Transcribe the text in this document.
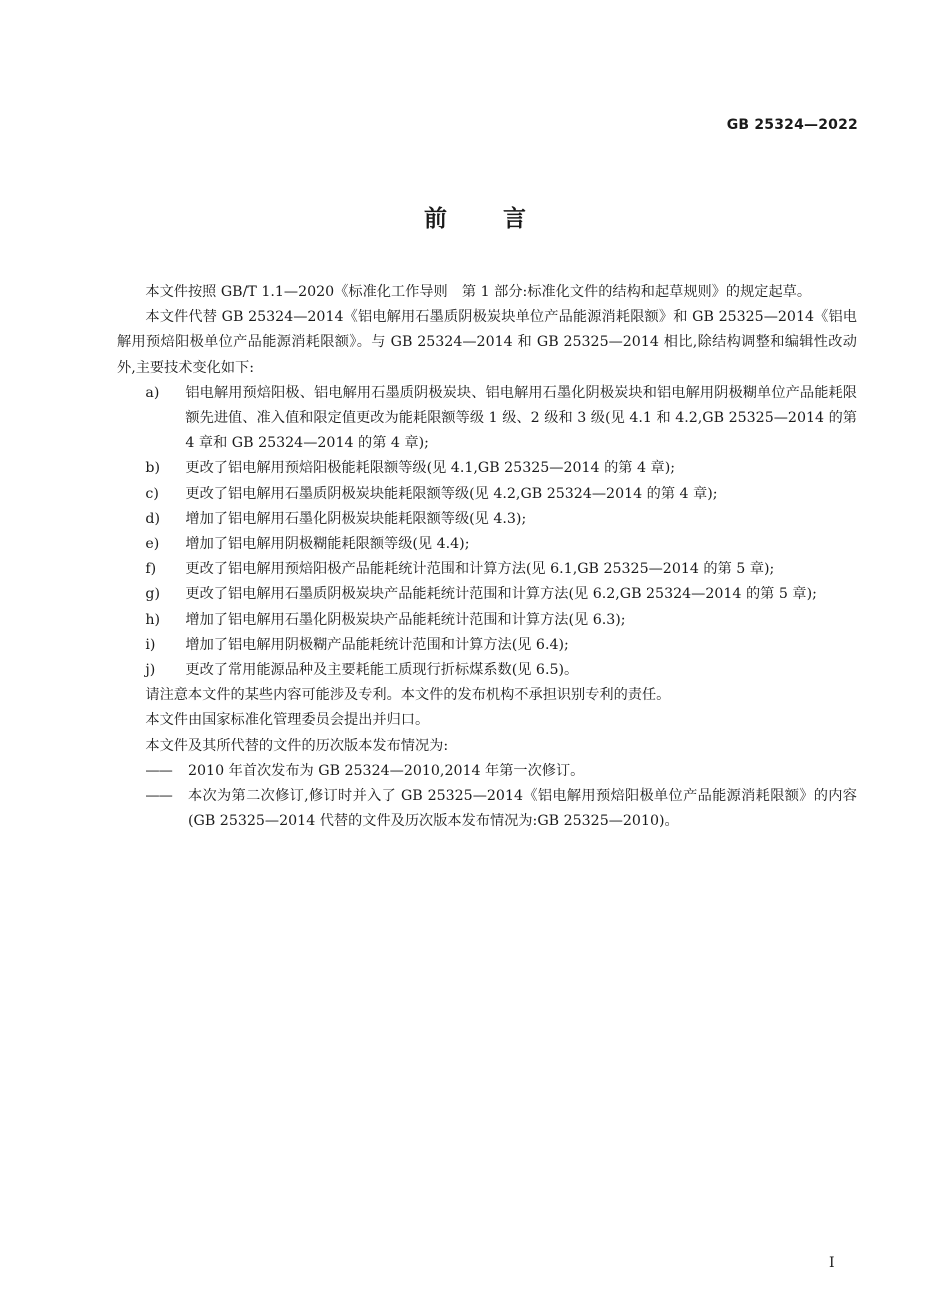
GB 25324—2022
前言

本文件按照 GB/T 1.1—2020《标准化工作导则　第 1 部分:标准化文件的结构和起草规则》的规定起草。

本文件代替 GB 25324—2014《铝电解用石墨质阴极炭块单位产品能源消耗限额》和 GB 25325—2014《铝电解用预焙阳极单位产品能源消耗限额》。与 GB 25324—2014 和 GB 25325—2014 相比,除结构调整和编辑性改动外,主要技术变化如下:

a)	铝电解用预焙阳极、铝电解用石墨质阴极炭块、铝电解用石墨化阴极炭块和铝电解用阴极糊单位产品能耗限额先进值、准入值和限定值更改为能耗限额等级 1 级、2 级和 3 级(见 4.1 和 4.2,GB 25325—2014 的第 4 章和 GB 25324—2014 的第 4 章);
b)	更改了铝电解用预焙阳极能耗限额等级(见 4.1,GB 25325—2014 的第 4 章);
c)	更改了铝电解用石墨质阴极炭块能耗限额等级(见 4.2,GB 25324—2014 的第 4 章);
d)	增加了铝电解用石墨化阴极炭块能耗限额等级(见 4.3);
e)	增加了铝电解用阴极糊能耗限额等级(见 4.4);
f)	更改了铝电解用预焙阳极产品能耗统计范围和计算方法(见 6.1,GB 25325—2014 的第 5 章);
g)	更改了铝电解用石墨质阴极炭块产品能耗统计范围和计算方法(见 6.2,GB 25324—2014 的第 5 章);
h)	增加了铝电解用石墨化阴极炭块产品能耗统计范围和计算方法(见 6.3);
i)	增加了铝电解用阴极糊产品能耗统计范围和计算方法(见 6.4);
j)	更改了常用能源品种及主要耗能工质现行折标煤系数(见 6.5)。

请注意本文件的某些内容可能涉及专利。本文件的发布机构不承担识别专利的责任。

本文件由国家标准化管理委员会提出并归口。

本文件及其所代替的文件的历次版本发布情况为:

——	2010 年首次发布为 GB 25324—2010,2014 年第一次修订。
——	本次为第二次修订,修订时并入了 GB 25325—2014《铝电解用预焙阳极单位产品能源消耗限额》的内容(GB 25325—2014 代替的文件及历次版本发布情况为:GB 25325—2010)。
I
